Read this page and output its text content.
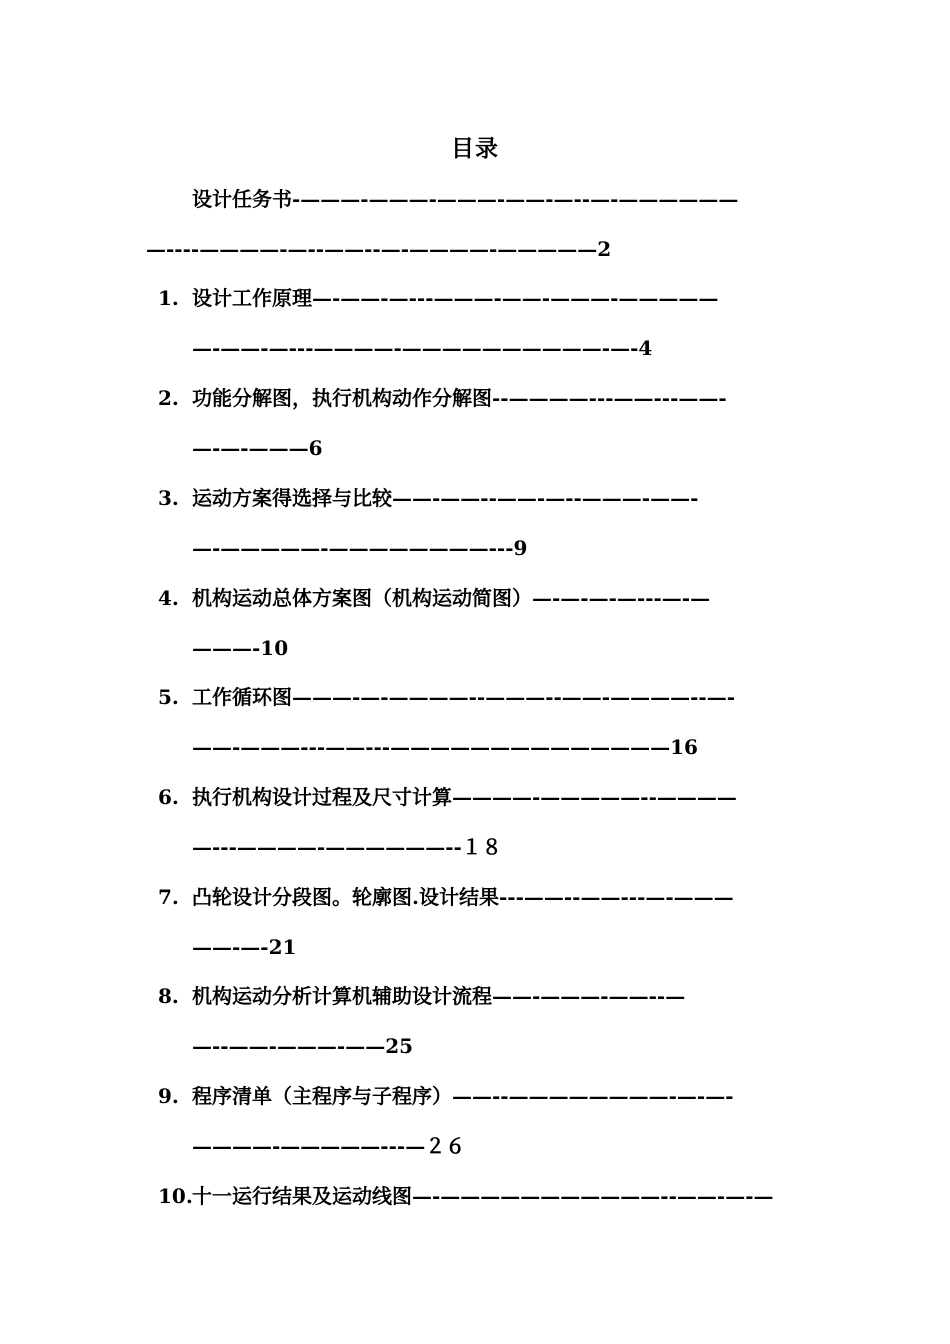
目录
设计任务书-———-———-———-——-—--—-——————
—----————-—--——--—-————-—————2
1. 设计工作原理—-——-—---———-——-———-—————
—-——-—---————-——————————-—-4
2. 功能分解图，执行机构动作分解图--————---——---——-
—-—-———6
3. 运动方案得选择与比较——-——--——-—--———-——-
—-—————-————————---9
4. 机构运动总体方案图（机构运动简图）—-—-—-—---—-—
———-10
5. 工作循环图———-—-————--———--——-————--—-
——-———---——---——————————————16
6. 执行机构设计过程及尺寸计算————-—————--————
—---————-——————--１８
7. 凸轮设计分段图。轮廓图.设计结果---——--——---—-———
——-—-21
8. 机构运动分析计算机辅助设计流程——-———-——--—
—--——-———-——25
9. 程序清单（主程序与子程序）——--————————-—-—-
————-—————---—２６
10. 十一运行结果及运动线图—-———————————--——-—-—
